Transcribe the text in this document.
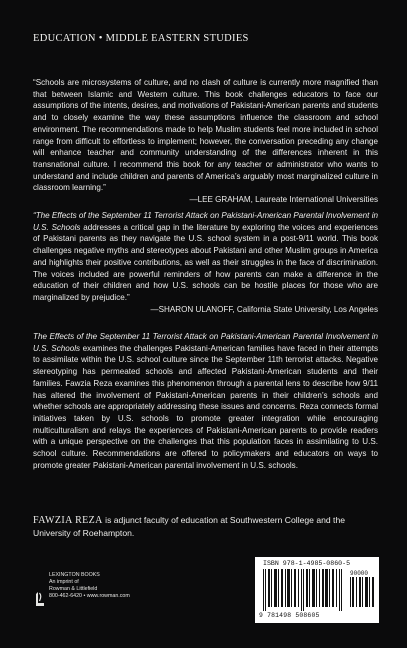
EDUCATION • MIDDLE EASTERN STUDIES

“Schools are microsystems of culture, and no clash of culture is currently more magnified than that between Islamic and Western culture. This book challenges educators to face our assumptions of the intents, desires, and motivations of Pakistani-American parents and students and to closely examine the way these assumptions influence the classroom and school environment. The recommendations made to help Muslim students feel more included in school range from difficult to effortless to implement; however, the conversation preceding any change will enhance teacher and community understanding of the differences inherent in this transnational culture. I recommend this book for any teacher or administrator who wants to understand and include children and parents of America’s arguably most marginalized culture in classroom learning.”

—LEE GRAHAM, Laureate International Universities

“The Effects of the September 11 Terrorist Attack on Pakistani-American Parental Involvement in U.S. Schools addresses a critical gap in the literature by exploring the voices and experiences of Pakistani parents as they navigate the U.S. school system in a post-9/11 world. This book challenges negative myths and stereotypes about Pakistani and other Muslim groups in America and highlights their positive contributions, as well as their struggles in the face of discrimination. The voices included are powerful reminders of how parents can make a difference in the education of their children and how U.S. schools can be hostile places for those who are marginalized by prejudice.”

—SHARON ULANOFF, California State University, Los Angeles

The Effects of the September 11 Terrorist Attack on Pakistani-American Parental Involvement in U.S. Schools examines the challenges Pakistani-American families have faced in their attempts to assimilate within the U.S. school culture since the September 11th terrorist attacks. Negative stereotyping has permeated schools and affected Pakistani-American students and their families. Fawzia Reza examines this phenomenon through a parental lens to describe how 9/11 has altered the involvement of Pakistani-American parents in their children’s schools and whether schools are appropriately addressing these issues and concerns. Reza connects formal initiatives taken by U.S. schools to promote greater integration while encouraging multiculturalism and relays the experiences of Pakistani-American parents to provide readers with a unique perspective on the challenges that this population faces in assimilating to U.S. school culture. Recommendations are offered to policymakers and educators on ways to promote greater Pakistani-American parental involvement in U.S. schools.

FAWZIA REZA is adjunct faculty of education at Southwestern College and the University of Roehampton.
LEXINGTON BOOKS
An imprint of
Rowman & Littlefield
800-462-6420 • www.rowman.com
ISBN 978-1-4985-0860-5
90000
9 781498 508605
